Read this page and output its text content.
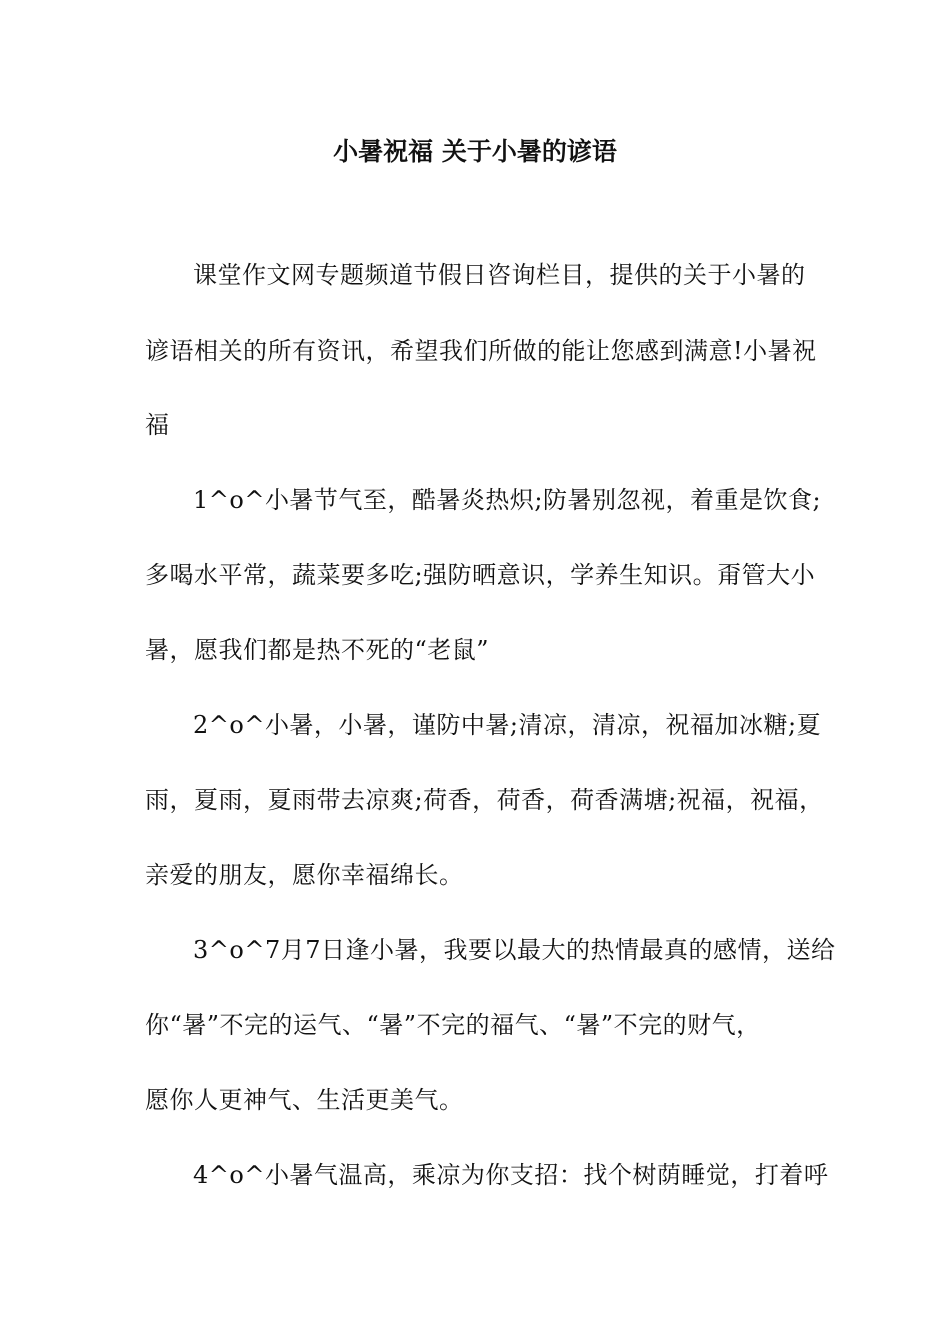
小暑祝福 关于小暑的谚语

课堂作文网专题频道节假日咨询栏目，提供的关于小暑的

谚语相关的所有资讯，希望我们所做的能让您感到满意!小暑祝

福

1^o^小暑节气至，酷暑炎热炽;防暑别忽视，着重是饮食;

多喝水平常，蔬菜要多吃;强防晒意识，学养生知识。甭管大小

暑，愿我们都是热不死的“老鼠”

2^o^小暑，小暑，谨防中暑;清凉，清凉，祝福加冰糖;夏

雨，夏雨，夏雨带去凉爽;荷香，荷香，荷香满塘;祝福，祝福，

亲爱的朋友，愿你幸福绵长。

3^o^7月7日逢小暑，我要以最大的热情最真的感情，送给

你“暑”不完的运气、“暑”不完的福气、“暑”不完的财气，

愿你人更神气、生活更美气。

4^o^小暑气温高，乘凉为你支招：找个树荫睡觉，打着呼
